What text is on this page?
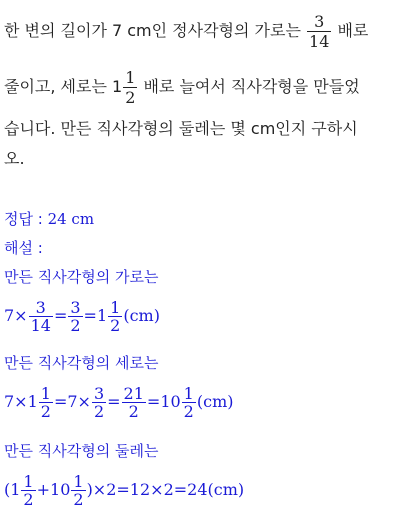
한 변의 길이가 7 cm인 정사각형의 가로는 $\frac{3}{14}$ 배로
줄이고, 세로는 $1 \frac{1}{2}$ 배로 늘여서 직사각형을 만들었
습니다. 만든 직사각형의 둘레는 몇 cm인지 구하시
오.
정답 : 24 cm
해설 :
만든 직사각형의 가로는
$7\times \frac{3}{14} = \frac{3}{2} =1 \frac{1}{2} (cm)$
만든 직사각형의 세로는
$7\times 1 \frac{1}{2} =7\times \frac{3}{2} = \frac{21}{2} =10 \frac{1}{2} (cm)$
만든 직사각형의 둘레는
$(1 \frac{1}{2} +10 \frac{1}{2} )\times 2=12\times 2=24(cm)$
